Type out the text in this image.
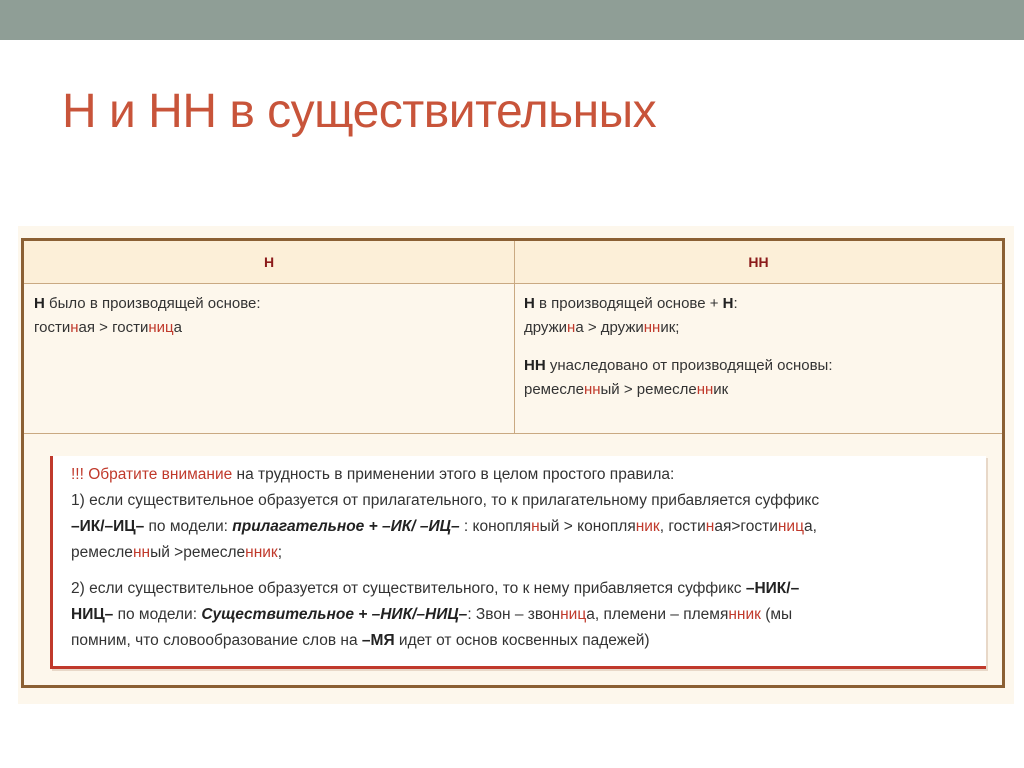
Н и НН в существительных
Н	НН
Н было в производящей основе:
гостиная > гостиница
Н в производящей основе + Н:
дружина > дружинник;
НН унаследовано от производящей основы:
ремесленный > ремесленник
!!! Обратите внимание на трудность в применении этого в целом простого правила:
1) если существительное образуется от прилагательного, то к прилагательному прибавляется суффикс
–ИК/–ИЦ– по модели: прилагательное + –ИК/ –ИЦ– : конопляный > конопляник, гостиная>гостиница,
ремесленный >ремесленник;
2) если существительное образуется от существительного, то к нему прибавляется суффикс –НИК/–
НИЦ– по модели: Существительное + –НИК/–НИЦ–: Звон – звонница, племени – племянник (мы
помним, что словообразование слов на –МЯ идет от основ косвенных падежей)
